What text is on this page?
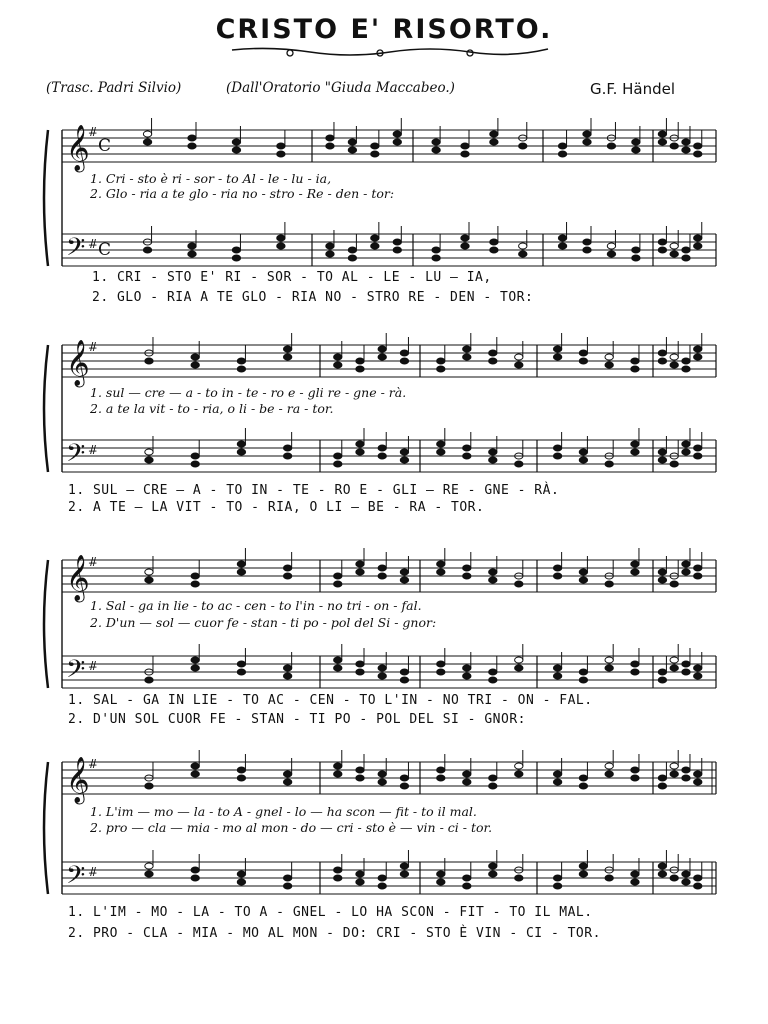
CRISTO E' RISORTO.
(Trasc. Padri Silvio)	(Dall'Oratorio "Giuda Maccabeo.)	G.F. Händel
𝄞
𝄢
#
#
C
C
1. Cri - sto è ri - sor - to Al - le - lu - ia,
2. Glo - ria a te glo - ria no - stro - Re - den - tor:
1. CRI - STO E' RI - SOR - TO AL - LE - LU — IA,
2. GLO - RIA A TE GLO - RIA NO - STRO RE - DEN - TOR:
𝄞
𝄢
#
#
1. sul — cre — a - to in - te - ro e - gli re - gne - rà.
2. a te la vit - to - ria, o li - be - ra - tor.
1. SUL — CRE — A - TO IN - TE - RO E - GLI — RE - GNE - RÀ.
2. A TE — LA VIT - TO - RIA, O LI — BE - RA - TOR.
𝄞
𝄢
#
#
1. Sal - ga in lie - to ac - cen - to l'in - no tri - on - fal.
2. D'un — sol — cuor fe - stan - ti po - pol del Si - gnor:
1. SAL - GA IN LIE - TO AC - CEN - TO L'IN - NO TRI - ON - FAL.
2. D'UN SOL CUOR FE - STAN - TI PO - POL DEL SI - GNOR:
𝄞
𝄢
#
#
1. L'im — mo — la - to A - gnel - lo — ha scon — fit - to il mal.
2. pro — cla — mia - mo al mon - do — cri - sto è — vin - ci - tor.
1. L'IM - MO - LA - TO A - GNEL - LO HA SCON - FIT - TO IL MAL.
2. PRO - CLA - MIA - MO AL MON - DO: CRI - STO È VIN - CI - TOR.
